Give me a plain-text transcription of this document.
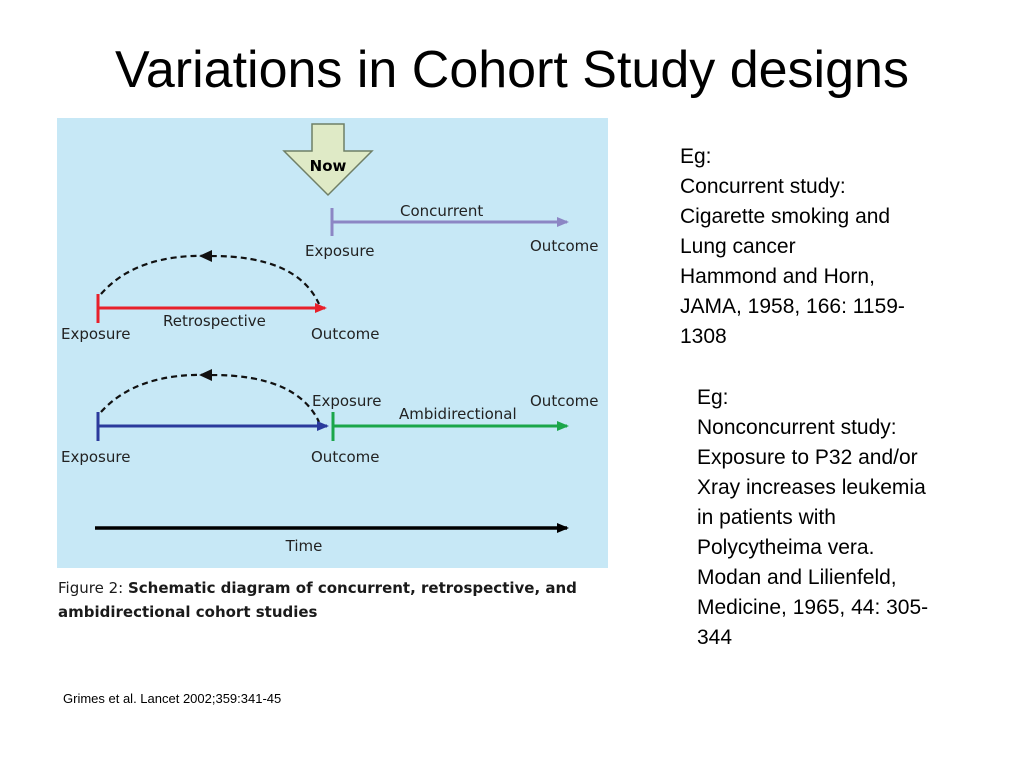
Variations in Cohort Study designs
Now
Concurrent
Exposure	Outcome
Retrospective
Exposure	Outcome
Ambidirectional
Exposure	Outcome
Exposure	Outcome
Time
Figure 2: Schematic diagram of concurrent, retrospective, and ambidirectional cohort studies
Eg:
Concurrent study:
Cigarette smoking and
Lung cancer
Hammond and Horn,
JAMA, 1958, 166: 1159-
1308
Eg:
Nonconcurrent study:
Exposure to P32 and/or
Xray increases leukemia
in patients with
Polycytheima vera.
Modan and Lilienfeld,
Medicine, 1965, 44: 305-
344
Grimes et al. Lancet 2002;359:341-45
